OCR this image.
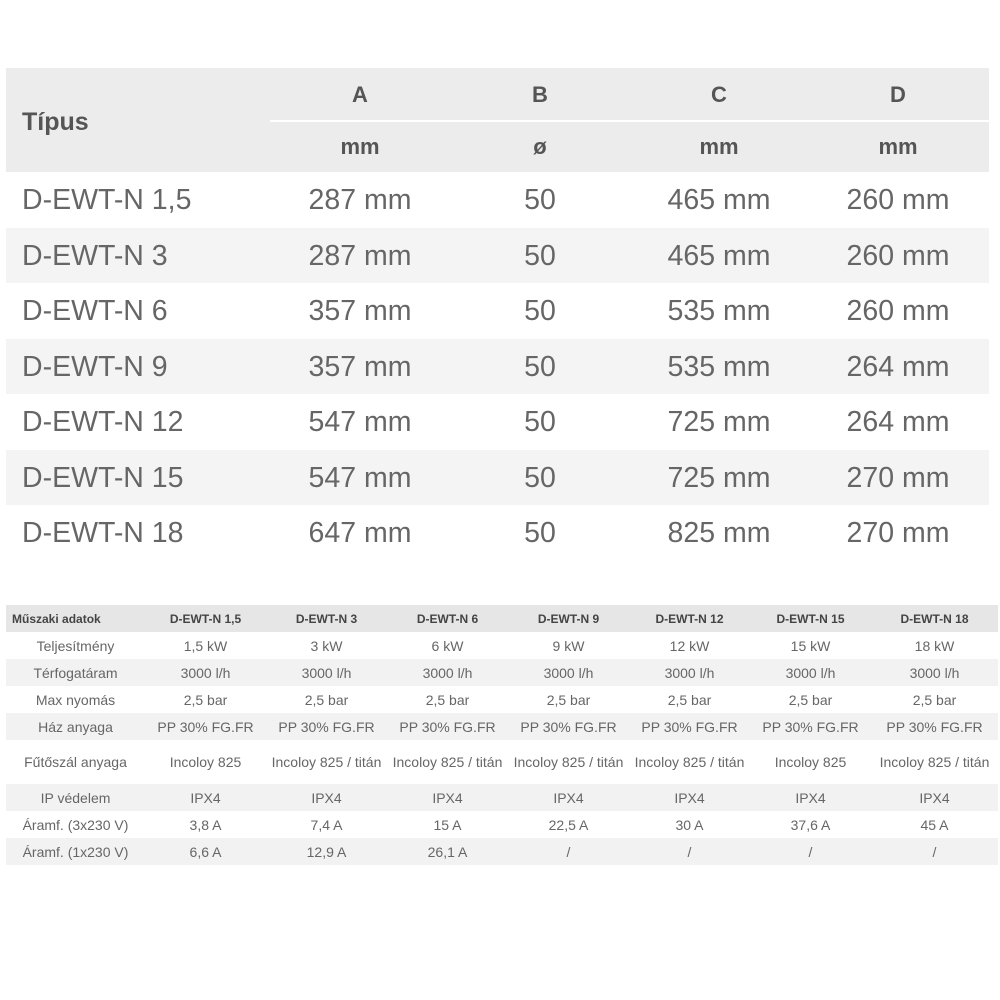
Típus
A	B	C	D
mm	ø	mm	mm
D-EWT-N 1,5	287 mm	50	465 mm	260 mm
D-EWT-N 3	287 mm	50	465 mm	260 mm
D-EWT-N 6	357 mm	50	535 mm	260 mm
D-EWT-N 9	357 mm	50	535 mm	264 mm
D-EWT-N 12	547 mm	50	725 mm	264 mm
D-EWT-N 15	547 mm	50	725 mm	270 mm
D-EWT-N 18	647 mm	50	825 mm	270 mm
Műszaki adatok	D-EWT-N 1,5	D-EWT-N 3	D-EWT-N 6	D-EWT-N 9	D-EWT-N 12	D-EWT-N 15	D-EWT-N 18
Teljesítmény	1,5 kW	3 kW	6 kW	9 kW	12 kW	15 kW	18 kW
Térfogatáram	3000 l/h	3000 l/h	3000 l/h	3000 l/h	3000 l/h	3000 l/h	3000 l/h
Max nyomás	2,5 bar	2,5 bar	2,5 bar	2,5 bar	2,5 bar	2,5 bar	2,5 bar
Ház anyaga	PP 30% FG.FR	PP 30% FG.FR	PP 30% FG.FR	PP 30% FG.FR	PP 30% FG.FR	PP 30% FG.FR	PP 30% FG.FR
Fűtőszál anyaga	Incoloy 825	Incoloy 825 / titán	Incoloy 825 / titán	Incoloy 825 / titán	Incoloy 825 / titán	Incoloy 825	Incoloy 825 / titán
IP védelem	IPX4	IPX4	IPX4	IPX4	IPX4	IPX4	IPX4
Áramf. (3x230 V)	3,8 A	7,4 A	15 A	22,5 A	30 A	37,6 A	45 A
Áramf. (1x230 V)	6,6 A	12,9 A	26,1 A	/	/	/	/
